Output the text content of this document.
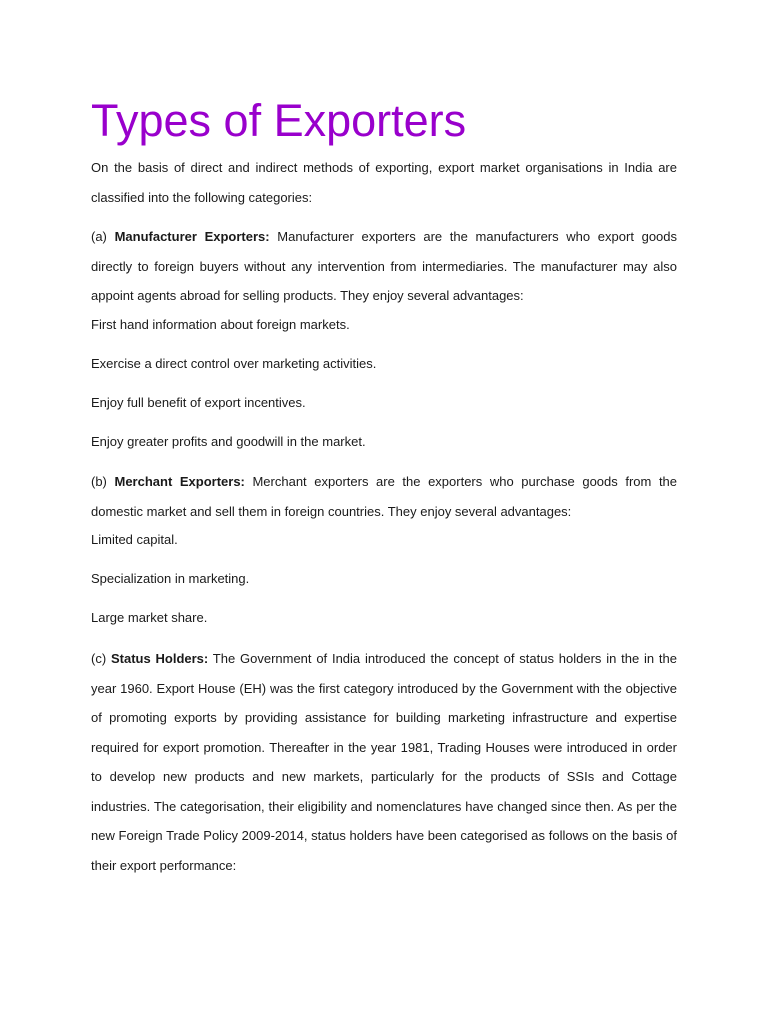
Types of Exporters

On the basis of direct and indirect methods of exporting, export market organisations in India are classified into the following categories:

(a) Manufacturer Exporters: Manufacturer exporters are the manufacturers who export goods directly to foreign buyers without any intervention from intermediaries. The manufacturer may also appoint agents abroad for selling products. They enjoy several advantages:

First hand information about foreign markets.

Exercise a direct control over marketing activities.

Enjoy full benefit of export incentives.

Enjoy greater profits and goodwill in the market.

(b) Merchant Exporters: Merchant exporters are the exporters who purchase goods from the domestic market and sell them in foreign countries. They enjoy several advantages:

Limited capital.

Specialization in marketing.

Large market share.

(c) Status Holders: The Government of India introduced the concept of status holders in the in the year 1960. Export House (EH) was the first category introduced by the Government with the objective of promoting exports by providing assistance for building marketing infrastructure and expertise required for export promotion. Thereafter in the year 1981, Trading Houses were introduced in order to develop new products and new markets, particularly for the products of SSIs and Cottage industries. The categorisation, their eligibility and nomenclatures have changed since then. As per the new Foreign Trade Policy 2009-2014, status holders have been categorised as follows on the basis of their export performance:
